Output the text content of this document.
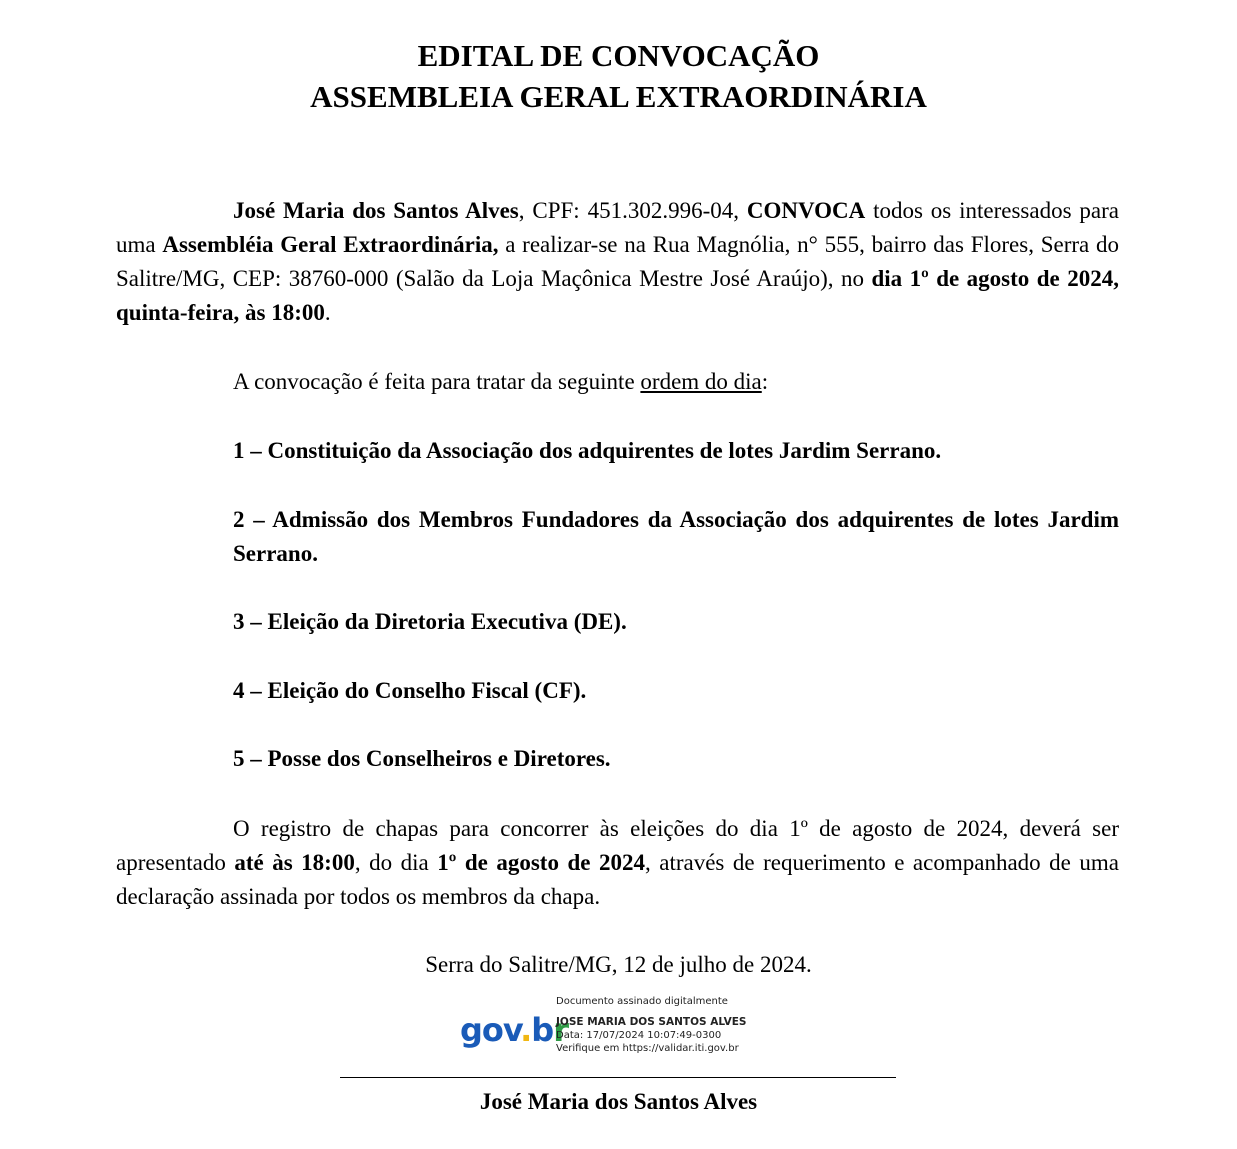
EDITAL DE CONVOCAÇÃO
ASSEMBLEIA GERAL EXTRAORDINÁRIA
José Maria dos Santos Alves, CPF: 451.302.996-04, CONVOCA todos os interessados para uma Assembléia Geral Extraordinária, a realizar-se na Rua Magnólia, n° 555, bairro das Flores, Serra do Salitre/MG, CEP: 38760-000 (Salão da Loja Maçônica Mestre José Araújo), no dia 1º de agosto de 2024, quinta-feira, às 18:00.
A convocação é feita para tratar da seguinte ordem do dia:
1 – Constituição da Associação dos adquirentes de lotes Jardim Serrano.
2 – Admissão dos Membros Fundadores da Associação dos adquirentes de lotes Jardim Serrano.
3 – Eleição da Diretoria Executiva (DE).
4 – Eleição do Conselho Fiscal (CF).
5 – Posse dos Conselheiros e Diretores.
O registro de chapas para concorrer às eleições do dia 1º de agosto de 2024, deverá ser apresentado até às 18:00, do dia 1º de agosto de 2024, através de requerimento e acompanhado de uma declaração assinada por todos os membros da chapa.
Serra do Salitre/MG, 12 de julho de 2024.
gov.br
Documento assinado digitalmente
JOSE MARIA DOS SANTOS ALVES
Data: 17/07/2024 10:07:49-0300
Verifique em https://validar.iti.gov.br
José Maria dos Santos Alves
